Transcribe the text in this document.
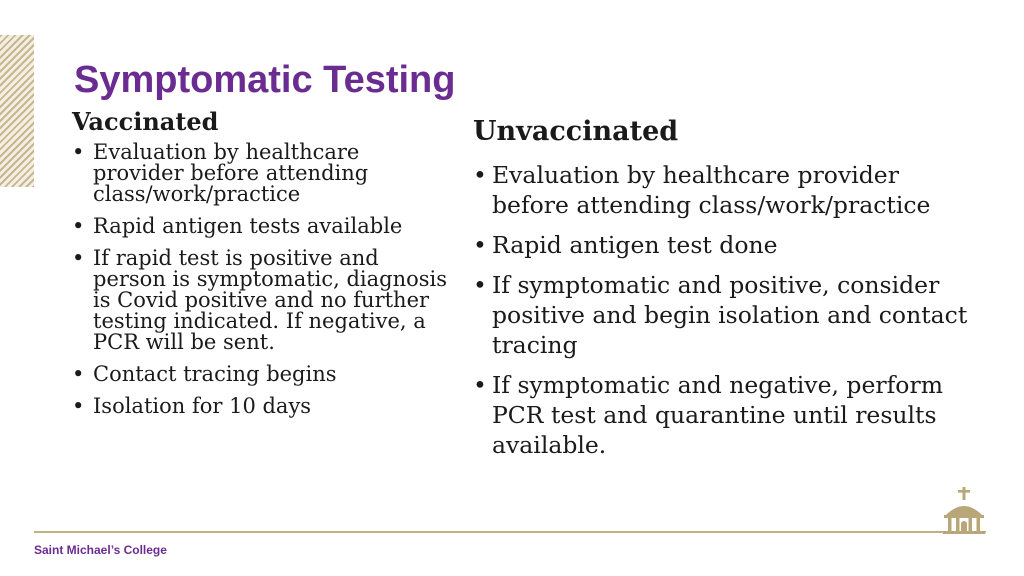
Symptomatic Testing
Vaccinated
• Evaluation by healthcare provider before attending class/work/practice
• Rapid antigen tests available
• If rapid test is positive and person is symptomatic, diagnosis is Covid positive and no further testing indicated. If negative, a PCR will be sent.
• Contact tracing begins
• Isolation for 10 days
Unvaccinated
• Evaluation by healthcare provider before attending class/work/practice
• Rapid antigen test done
• If symptomatic and positive, consider positive and begin isolation and contact tracing
• If symptomatic and negative, perform PCR test and quarantine until results available.
Saint Michael’s College
